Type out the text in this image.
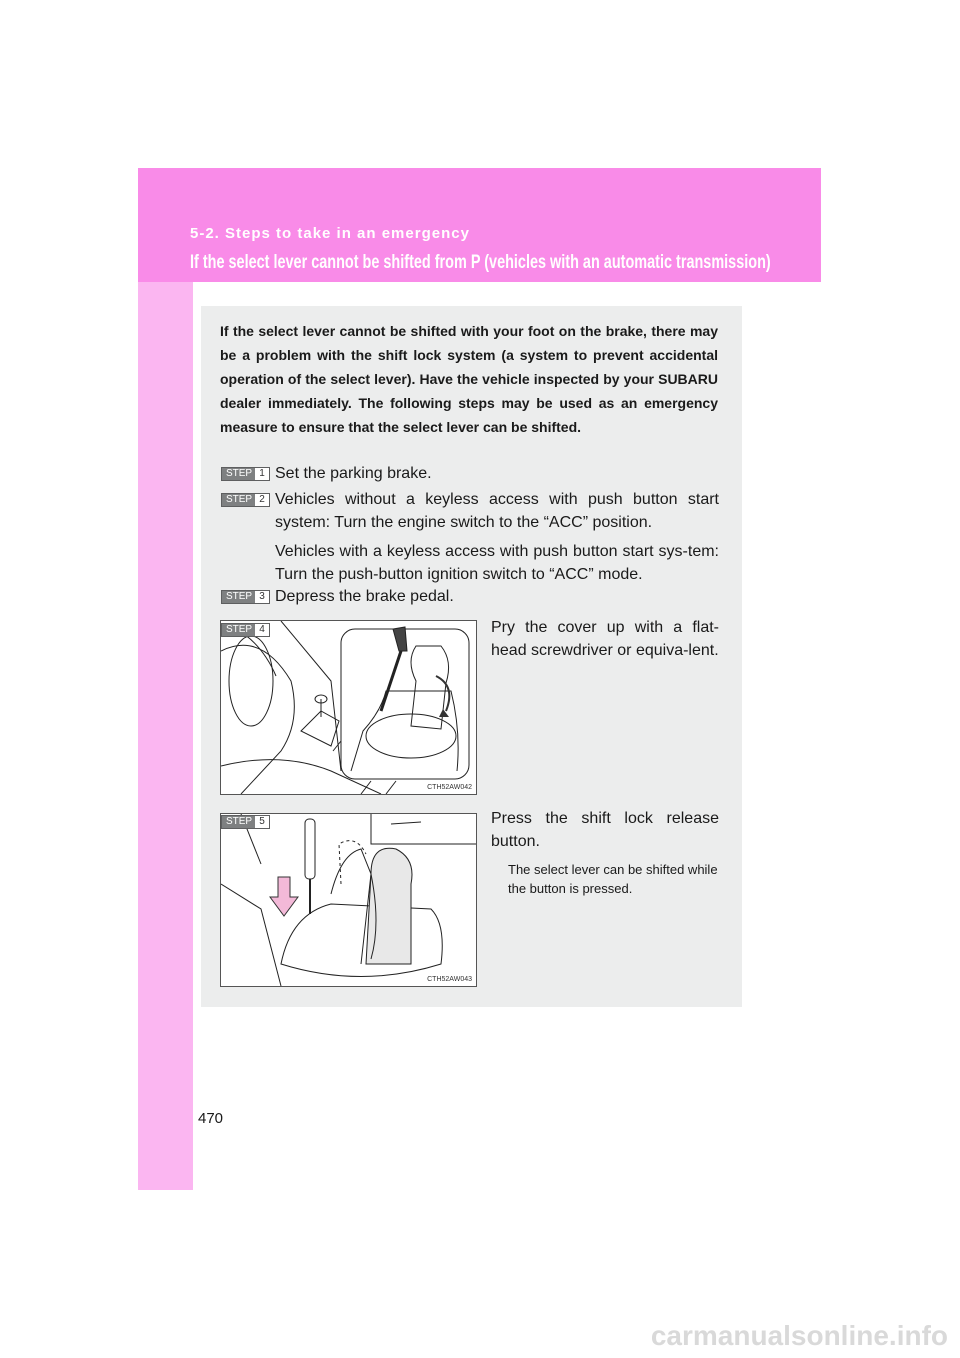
5-2. Steps to take in an emergency
If the select lever cannot be shifted from P (vehicles with an automatic transmission)
If the select lever cannot be shifted with your foot on the brake, there may be a problem with the shift lock system (a system to prevent accidental operation of the select lever). Have the vehicle inspected by your SUBARU dealer immediately. The following steps may be used as an emergency measure to ensure that the select lever can be shifted.
STEP 1 Set the parking brake.
STEP 2 Vehicles without a keyless access with push button start system: Turn the engine switch to the “ACC” position.
Vehicles with a keyless access with push button start sys-tem: Turn the push-button ignition switch to “ACC” mode.
STEP 3 Depress the brake pedal.
CTH52AW042
STEP 4	Pry the cover up with a flat-head screwdriver or equiva-lent.
CTH52AW043
STEP 5	Press the shift lock release button.
The select lever can be shifted while the button is pressed.
470
carmanualsonline.info
